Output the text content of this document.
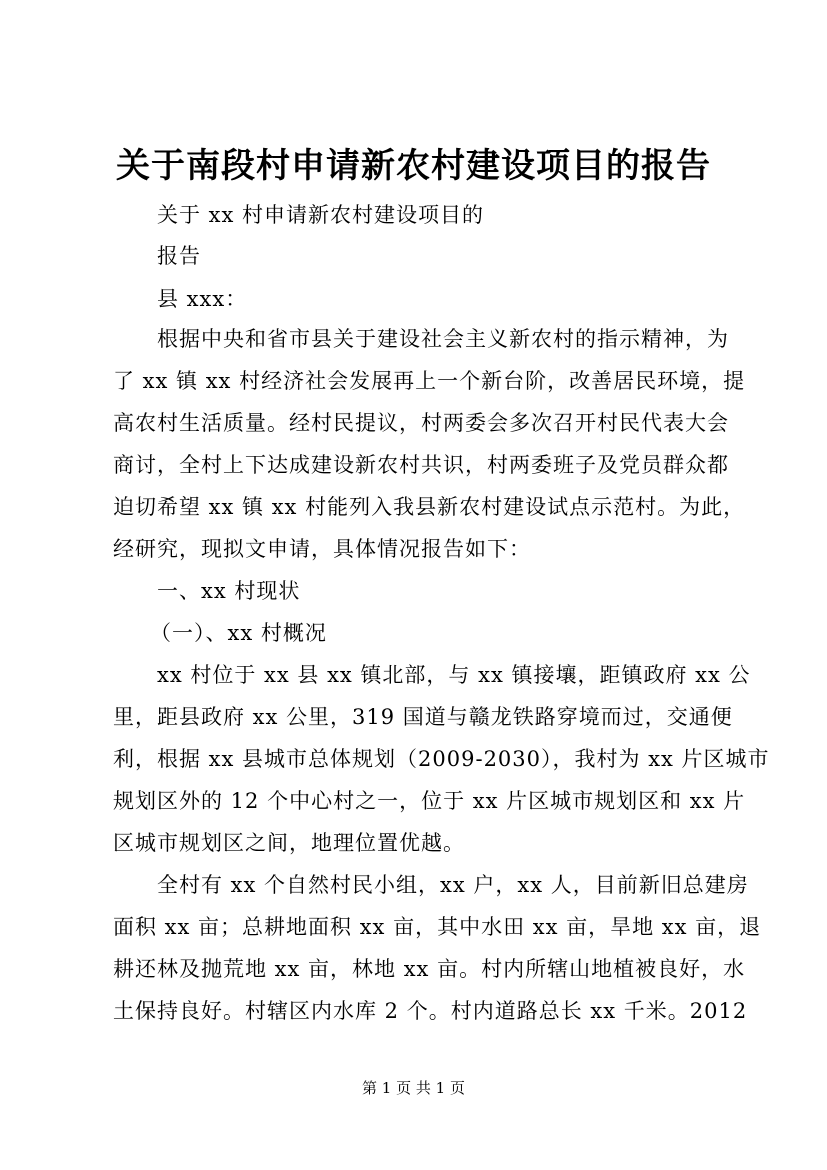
关于南段村申请新农村建设项目的报告
关于 xx 村申请新农村建设项目的
报告
县 xxx：
根据中央和省市县关于建设社会主义新农村的指示精神，为
了 xx 镇 xx 村经济社会发展再上一个新台阶，改善居民环境，提
高农村生活质量。经村民提议，村两委会多次召开村民代表大会
商讨，全村上下达成建设新农村共识，村两委班子及党员群众都
迫切希望 xx 镇 xx 村能列入我县新农村建设试点示范村。为此，
经研究，现拟文申请，具体情况报告如下：
一、xx 村现状
（一）、xx 村概况
xx 村位于 xx 县 xx 镇北部，与 xx 镇接壤，距镇政府 xx 公
里，距县政府 xx 公里，319 国道与赣龙铁路穿境而过，交通便
利，根据 xx 县城市总体规划（2009-2030），我村为 xx 片区城市
规划区外的 12 个中心村之一，位于 xx 片区城市规划区和 xx 片
区城市规划区之间，地理位置优越。
全村有 xx 个自然村民小组，xx 户，xx 人，目前新旧总建房
面积 xx 亩；总耕地面积 xx 亩，其中水田 xx 亩，旱地 xx 亩，退
耕还林及抛荒地 xx 亩，林地 xx 亩。村内所辖山地植被良好，水
土保持良好。村辖区内水库 2 个。村内道路总长 xx 千米。2012
第 1 页 共 1 页
